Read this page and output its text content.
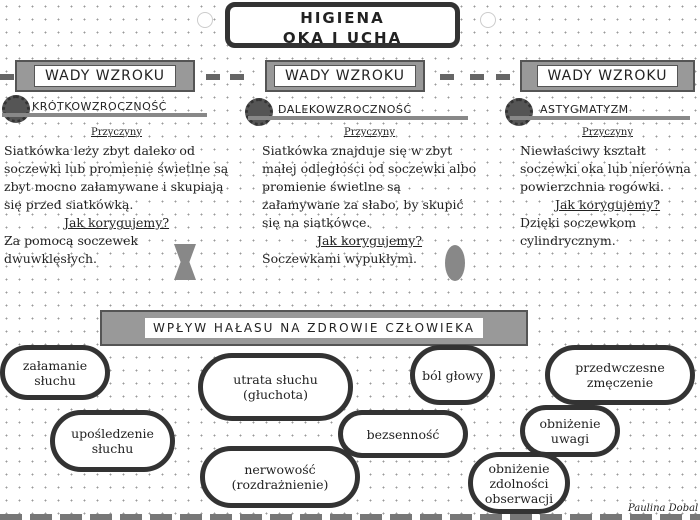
HIGIENA
OKA I UCHA
WADY WZROKU	WADY WZROKU	WADY WZROKU
KRÓTKOWZROCZNOŚĆ	DALEKOWZROCZNOŚĆ	ASTYGMATYZM
Przyczyny
Siatkówka leży zbyt daleko od soczewki lub promienie świetlne są zbyt mocno załamywane i skupiają się przed siatkówką.
Jak korygujemy?
Za pomocą soczewek dwuwklęsłych.
Przyczyny
Siatkówka znajduje się w zbyt małej odległości od soczewki albo promienie świetlne są załamywane za słabo, by skupić się na siatkówce.
Jak korygujemy?
Soczewkami wypukłymi.
Przyczyny
Niewłaściwy kształt soczewki oka lub nierówna powierzchnia rogówki.
Jak korygujemy?
Dzięki soczewkom cylindrycznym.
WPŁYW HAŁASU NA ZDROWIE CZŁOWIEKA
załamanie słuchu
upośledzenie słuchu
utrata słuchu (głuchota)
nerwowość (rozdrażnienie)
bezsenność
ból głowy
obniżenie zdolności obserwacji
przedwczesne zmęczenie
obniżenie uwagi
Paulina Dobal
